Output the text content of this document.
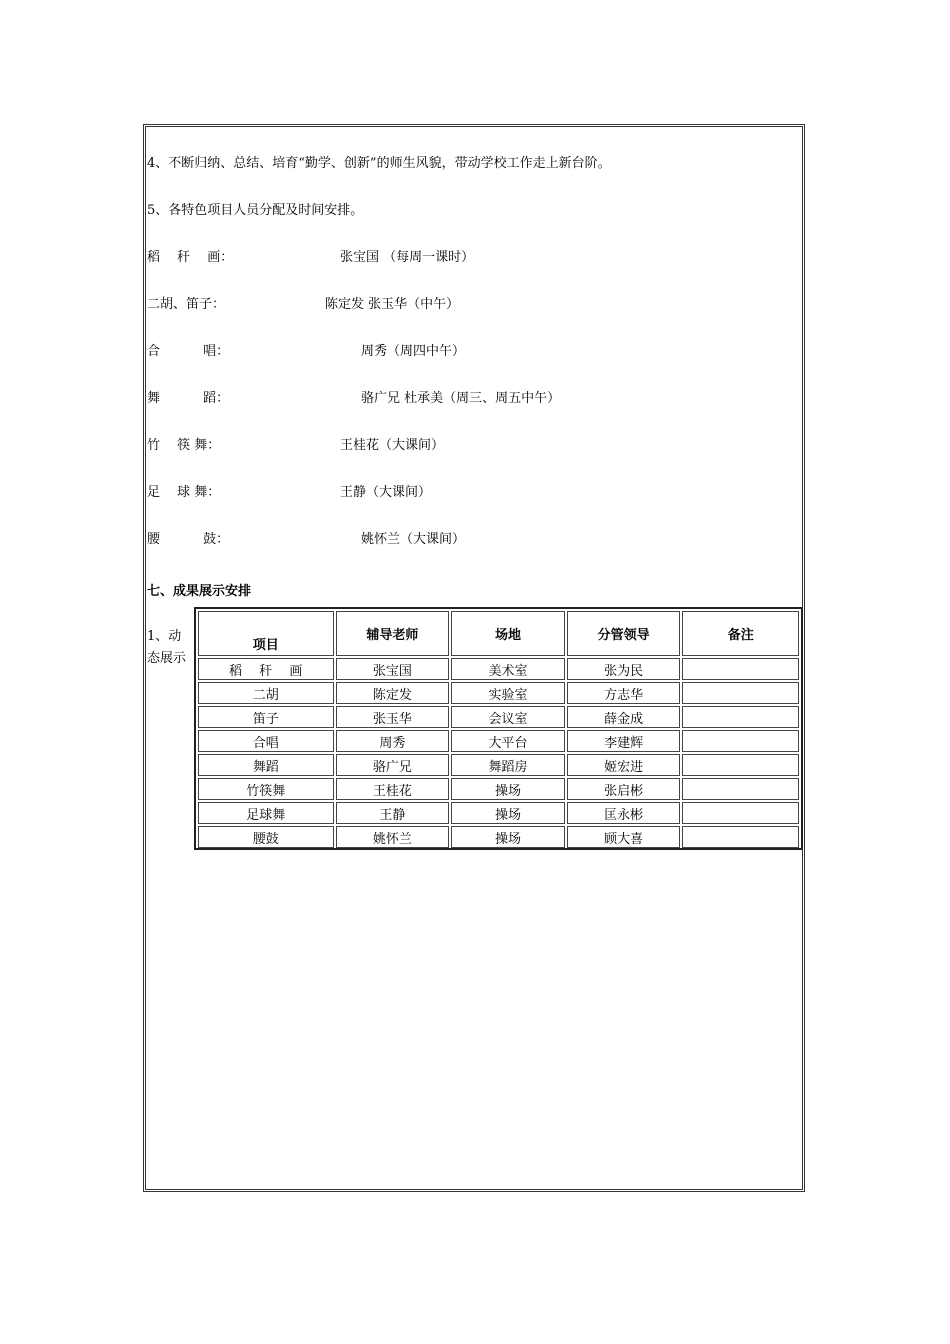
4、不断归纳、总结、培育“勤学、创新”的师生风貌，带动学校工作走上新台阶。
5、各特色项目人员分配及时间安排。
稻　 秆　 画：	张宝国 （每周一课时）
二胡、笛子：	陈定发 张玉华（中午）
合　　　 唱：	周秀（周四中午）
舞　　　 蹈：	骆广兄 杜承美（周三、周五中午）
竹　 筷 舞：	王桂花（大课间）
足　 球 舞：	王静（大课间）
腰　　　 鼓：	姚怀兰（大课间）
七、成果展示安排
1、动态展示
项目	辅导老师	场地	分管领导	备注
稻　 秆　 画	张宝国	美术室	张为民	
二胡	陈定发	实验室	方志华	
笛子	张玉华	会议室	薛金成	
合唱	周秀	大平台	李建辉	
舞蹈	骆广兄	舞蹈房	姬宏进	
竹筷舞	王桂花	操场	张启彬	
足球舞	王静	操场	匡永彬	
腰鼓	姚怀兰	操场	顾大喜	
